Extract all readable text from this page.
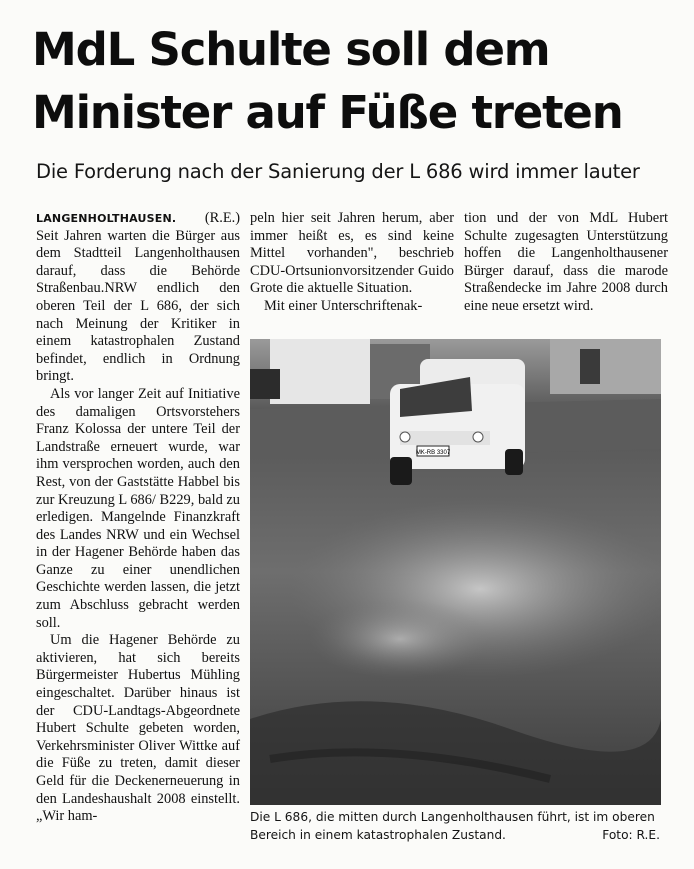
MdL Schulte soll dem
Minister auf Füße treten
Die Forderung nach der Sanierung der L 686 wird immer lauter

LANGENHOLTHAUSEN. (R.E.)

Seit Jahren warten die Bürger aus dem Stadtteil Langenholthausen darauf, dass die Behörde Straßenbau.NRW endlich den oberen Teil der L 686, der sich nach Meinung der Kritiker in einem katastrophalen Zustand befindet, endlich in Ordnung bringt.

Als vor langer Zeit auf Initiative des damaligen Ortsvorstehers Franz Kolossa der untere Teil der Landstraße erneuert wurde, war ihm versprochen worden, auch den Rest, von der Gaststätte Habbel bis zur Kreuzung L 686/ B229, bald zu erledigen. Mangelnde Finanzkraft des Landes NRW und ein Wechsel in der Hagener Behörde haben das Ganze zu einer unendlichen Geschichte werden lassen, die jetzt zum Abschluss gebracht werden soll.

Um die Hagener Behörde zu aktivieren, hat sich bereits Bürgermeister Hubertus Mühling eingeschaltet. Darüber hinaus ist der CDU-Landtags-Abgeordnete Hubert Schulte gebeten worden, Verkehrsminister Oliver Wittke auf die Füße zu treten, damit dieser Geld für die Deckenerneuerung in den Landeshaushalt 2008 einstellt. „Wir ham-

peln hier seit Jahren herum, aber immer heißt es, es sind keine Mittel vorhanden", beschrieb CDU-Ortsunionvorsitzender Guido Grote die aktuelle Situation.

Mit einer Unterschriftenak-

tion und der von MdL Hubert Schulte zugesagten Unterstützung hoffen die Langenholthausener Bürger darauf, dass die marode Straßendecke im Jahre 2008 durch eine neue ersetzt wird.

MK-RB 3307
Die L 686, die mitten durch Langenholthausen führt, ist im oberen Bereich in einem katastrophalen Zustand.	Foto: R.E.
